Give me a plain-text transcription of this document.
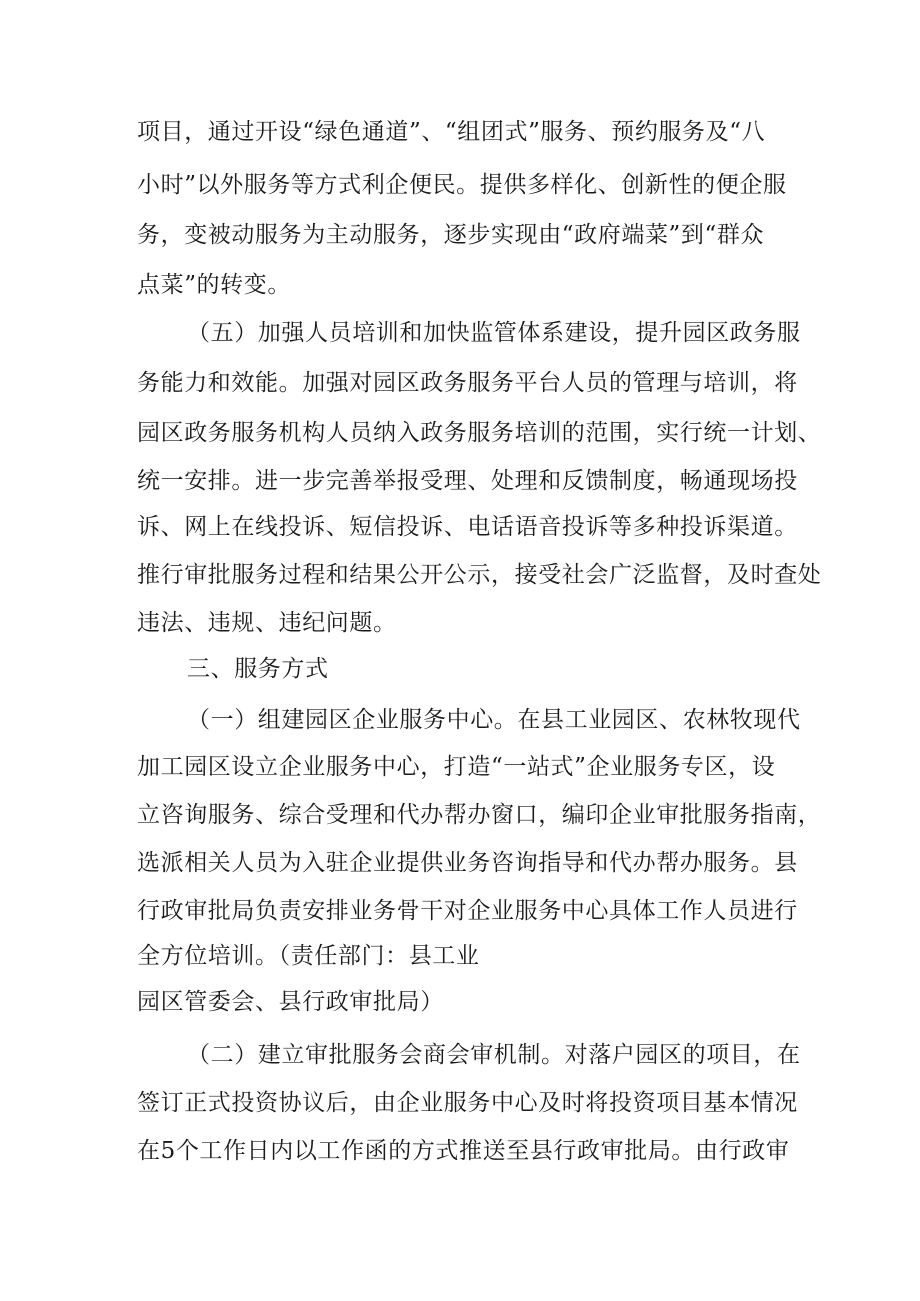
项目，通过开设“绿色通道”、“组团式”服务、预约服务及“八
小时”以外服务等方式利企便民。提供多样化、创新性的便企服
务，变被动服务为主动服务，逐步实现由“政府端菜”到“群众
点菜”的转变。
（五）加强人员培训和加快监管体系建设，提升园区政务服
务能力和效能。加强对园区政务服务平台人员的管理与培训，将
园区政务服务机构人员纳入政务服务培训的范围，实行统一计划、
统一安排。进一步完善举报受理、处理和反馈制度，畅通现场投
诉、网上在线投诉、短信投诉、电话语音投诉等多种投诉渠道。
推行审批服务过程和结果公开公示，接受社会广泛监督，及时查处
违法、违规、违纪问题。
三、服务方式
（一）组建园区企业服务中心。在县工业园区、农林牧现代
加工园区设立企业服务中心，打造“一站式”企业服务专区，设
立咨询服务、综合受理和代办帮办窗口，编印企业审批服务指南，
选派相关人员为入驻企业提供业务咨询指导和代办帮办服务。县
行政审批局负责安排业务骨干对企业服务中心具体工作人员进行
全方位培训。（责任部门：县工业
园区管委会、县行政审批局）
（二）建立审批服务会商会审机制。对落户园区的项目，在
签订正式投资协议后，由企业服务中心及时将投资项目基本情况
在5个工作日内以工作函的方式推送至县行政审批局。由行政审
